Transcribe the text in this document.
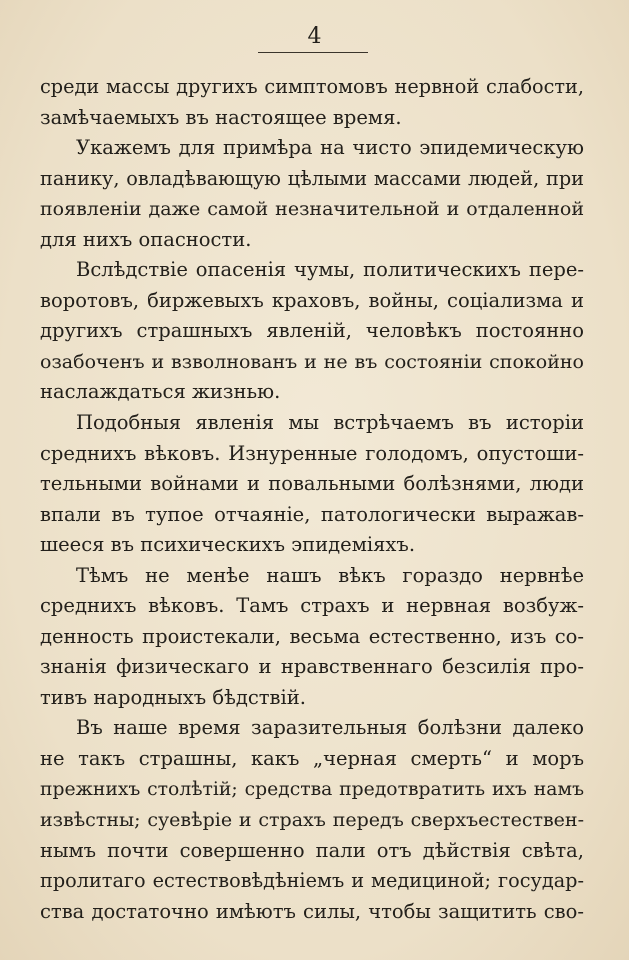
4
среди массы другихъ симптомовъ нервной слабости,
замѣчаемыхъ въ настоящее время.
Укажемъ для примѣра на чисто эпидемическую
панику, овладѣвающую цѣлыми массами людей, при
появленіи даже самой незначительной и отдаленной
для нихъ опасности.
Вслѣдствіе опасенія чумы, политическихъ пере-
воротовъ, биржевыхъ краховъ, войны, соціализма и
другихъ страшныхъ явленій, человѣкъ постоянно
озабоченъ и взволнованъ и не въ состояніи спокойно
наслаждаться жизнью.
Подобныя явленія мы встрѣчаемъ въ исторіи
среднихъ вѣковъ. Изнуренные голодомъ, опустоши-
тельными войнами и повальными болѣзнями, люди
впали въ тупое отчаяніе, патологически выражав-
шееся въ психическихъ эпидеміяхъ.
Тѣмъ не менѣе нашъ вѣкъ гораздо нервнѣе
среднихъ вѣковъ. Тамъ страхъ и нервная возбуж-
денность проистекали, весьма естественно, изъ со-
знанія физическаго и нравственнаго безсилія про-
тивъ народныхъ бѣдствій.
Въ наше время заразительныя болѣзни далеко
не такъ страшны, какъ „черная смерть“ и моръ
прежнихъ столѣтій; средства предотвратить ихъ намъ
извѣстны; суевѣріе и страхъ передъ сверхъестествен-
нымъ почти совершенно пали отъ дѣйствія свѣта,
пролитаго естествовѣдѣніемъ и медициной; государ-
ства достаточно имѣютъ силы, чтобы защитить сво-
